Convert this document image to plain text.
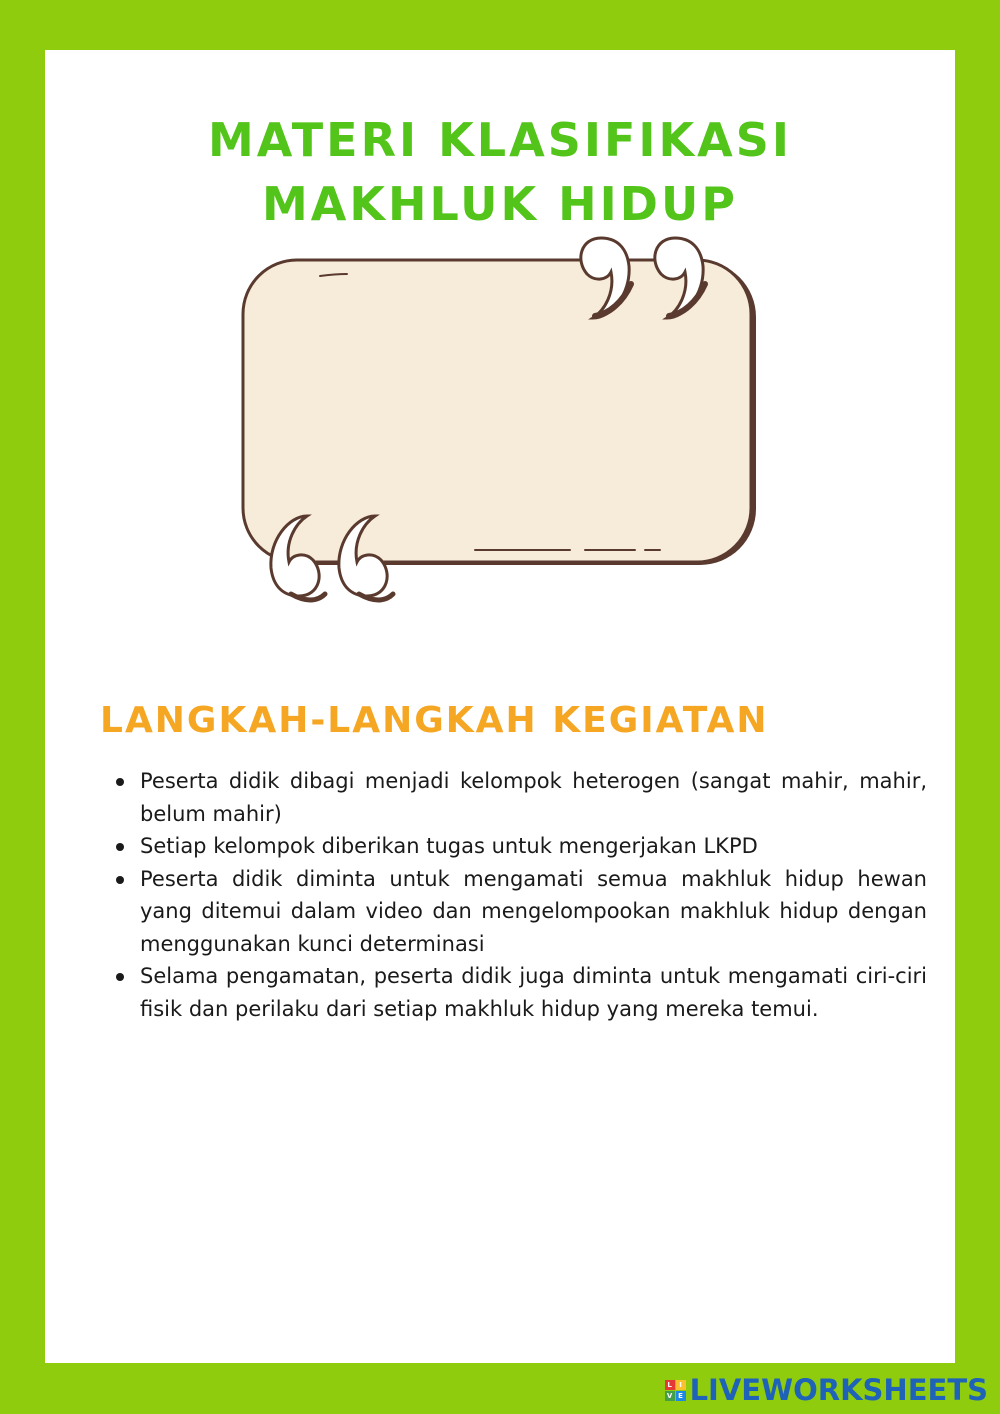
MATERI KLASIFIKASI
MAKHLUK HIDUP
LANGKAH-LANGKAH KEGIATAN
Peserta didik dibagi menjadi kelompok heterogen (sangat mahir, mahir, belum mahir)
Setiap kelompok diberikan tugas untuk mengerjakan LKPD
Peserta didik diminta untuk mengamati semua makhluk hidup hewan yang ditemui dalam video dan mengelompookan makhluk hidup dengan menggunakan kunci determinasi
Selama pengamatan, peserta didik juga diminta untuk mengamati ciri-ciri fisik dan perilaku dari setiap makhluk hidup yang mereka temui.
L	I
V E LIVEWORKSHEETS
